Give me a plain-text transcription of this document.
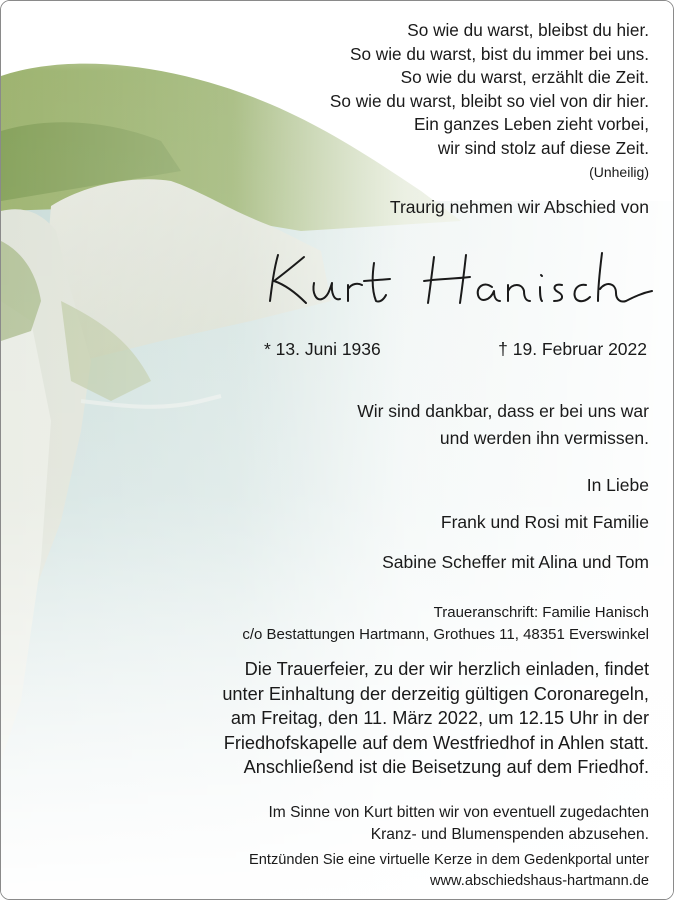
So wie du warst, bleibst du hier.
So wie du warst, bist du immer bei uns.
So wie du warst, erzählt die Zeit.
So wie du warst, bleibt so viel von dir hier.
Ein ganzes Leben zieht vorbei,
wir sind stolz auf diese Zeit.
(Unheilig)
Traurig nehmen wir Abschied von
* 13. Juni 1936	† 19. Februar 2022
Wir sind dankbar, dass er bei uns war
und werden ihn vermissen.
In Liebe
Frank und Rosi mit Familie
Sabine Scheffer mit Alina und Tom
Traueranschrift: Familie Hanisch
c/o Bestattungen Hartmann, Grothues 11, 48351 Everswinkel
Die Trauerfeier, zu der wir herzlich einladen, findet
unter Einhaltung der derzeitig gültigen Coronaregeln,
am Freitag, den 11. März 2022, um 12.15 Uhr in der
Friedhofskapelle auf dem Westfriedhof in Ahlen statt.
Anschließend ist die Beisetzung auf dem Friedhof.
Im Sinne von Kurt bitten wir von eventuell zugedachten
Kranz- und Blumenspenden abzusehen.
Entzünden Sie eine virtuelle Kerze in dem Gedenkportal unter
www.abschiedshaus-hartmann.de
